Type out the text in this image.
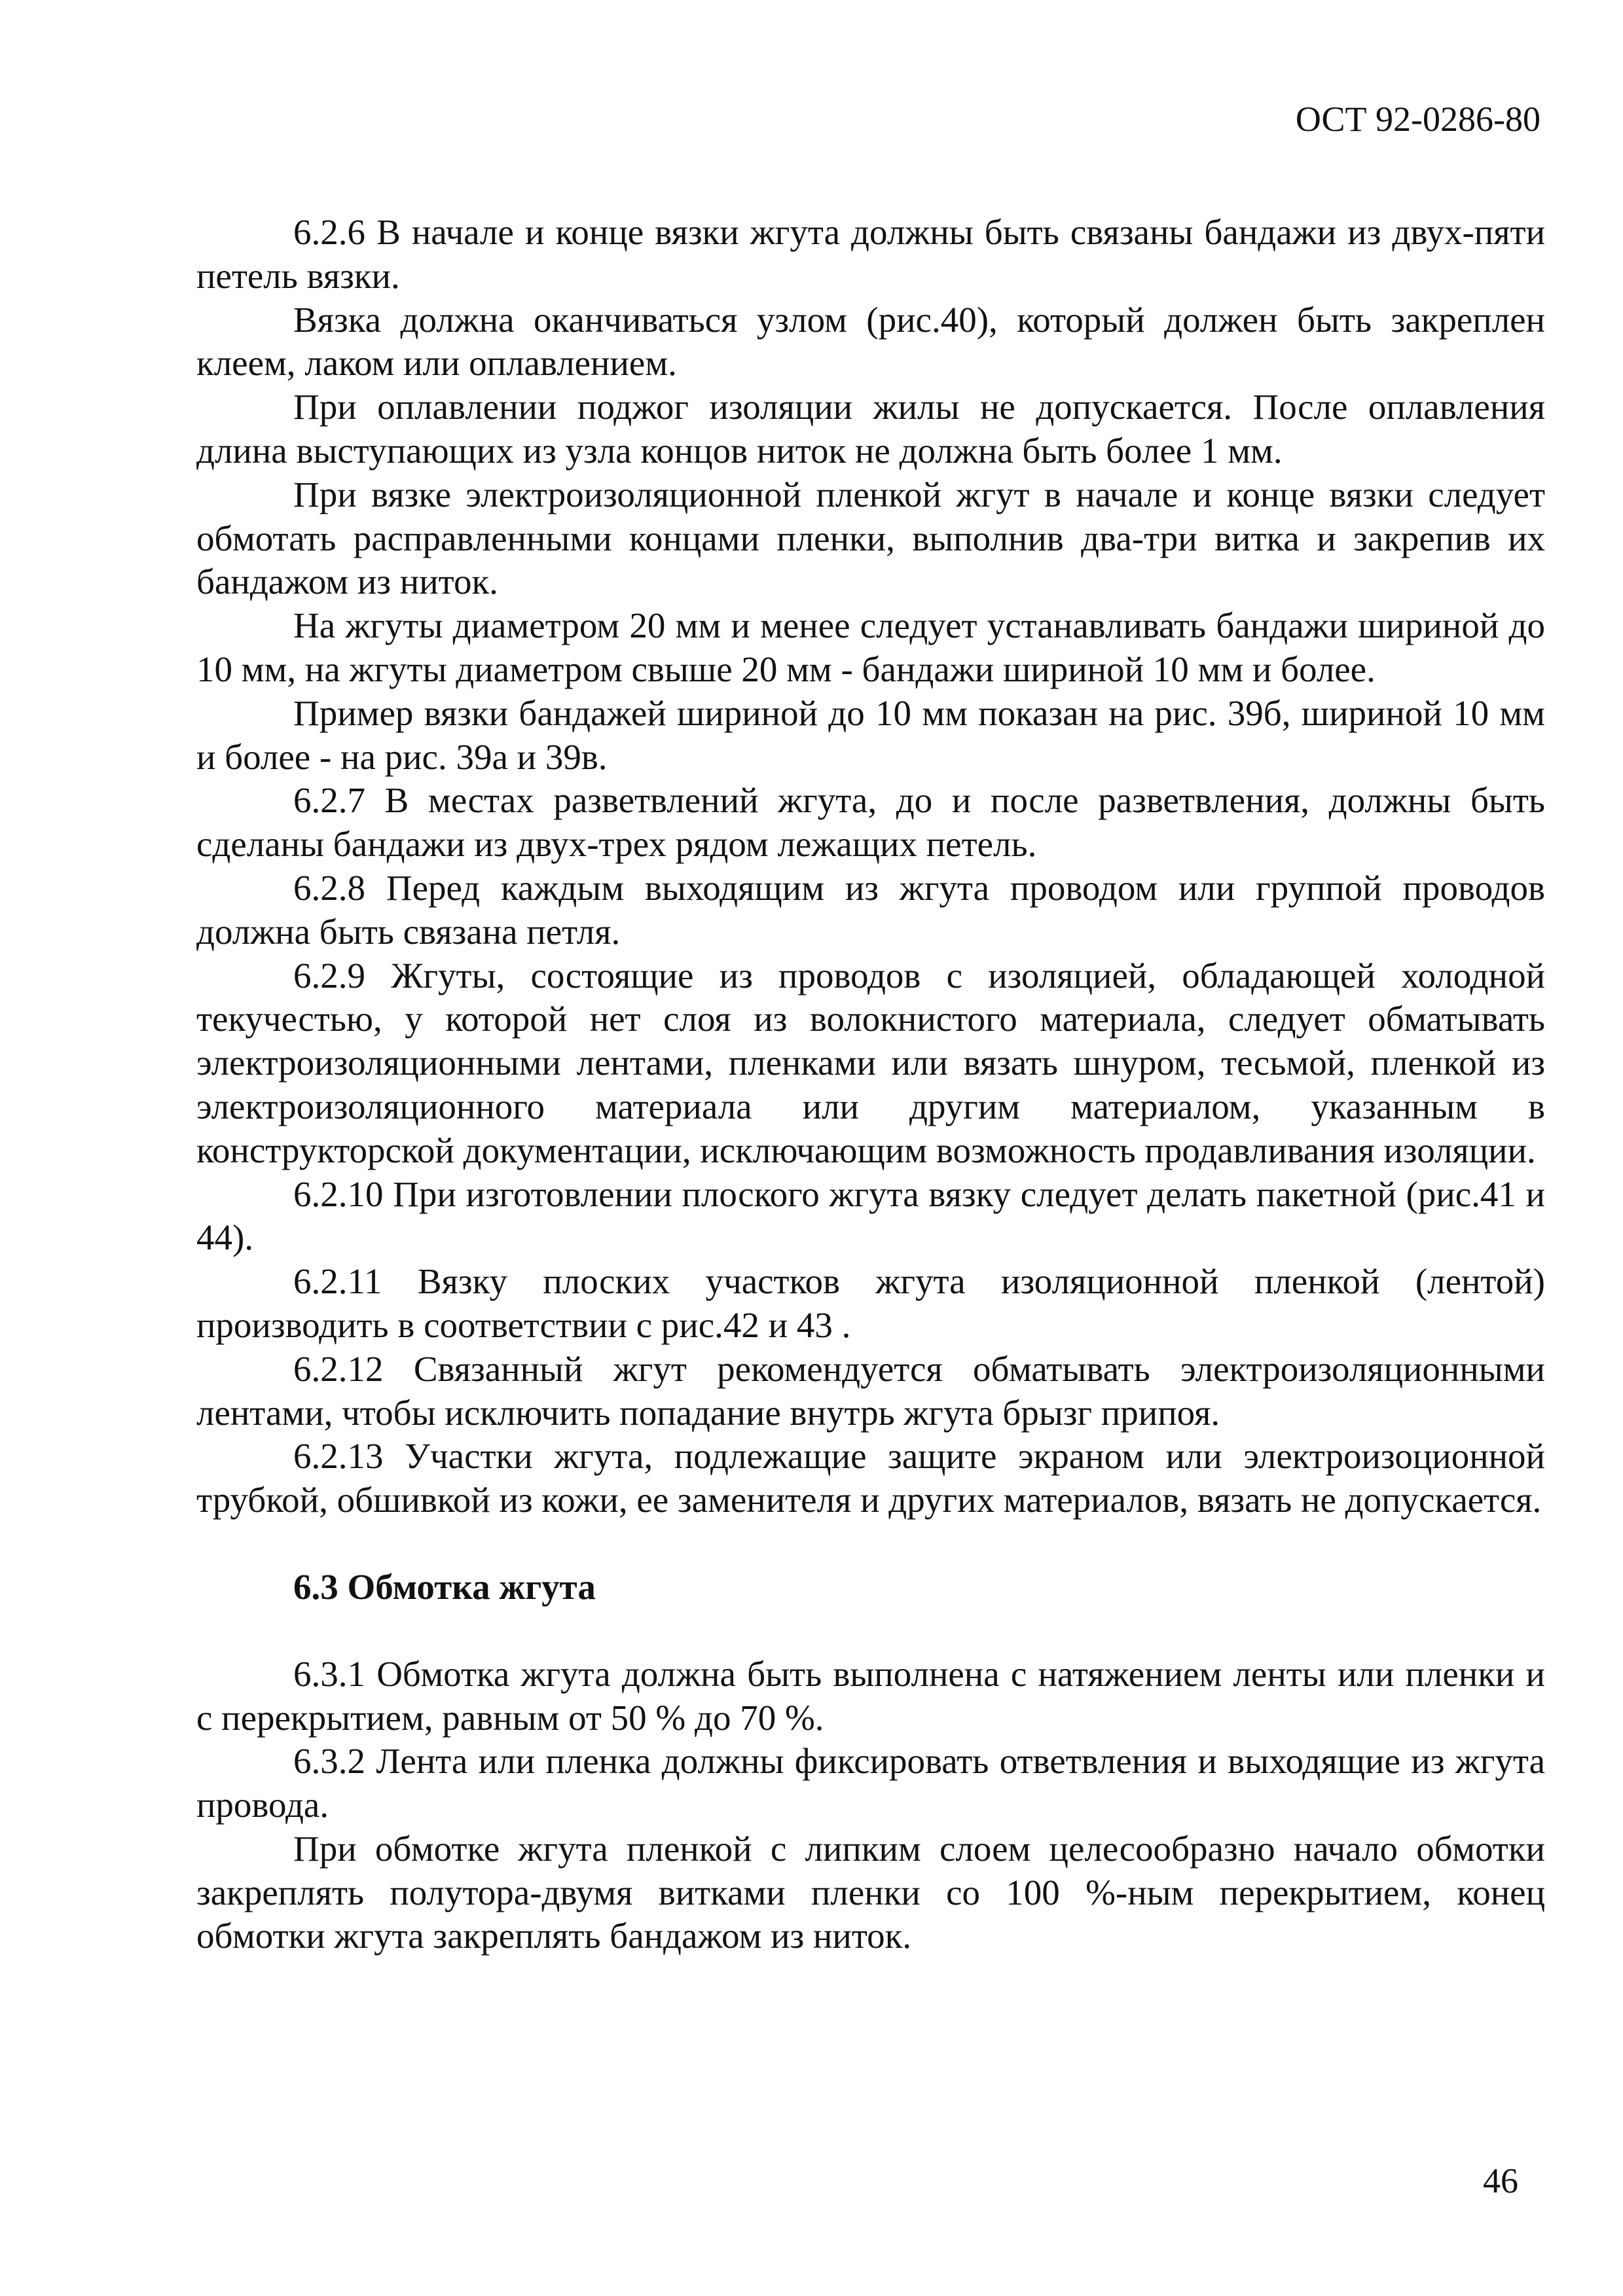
ОСТ 92-0286-80

6.2.6 В начале и конце вязки жгута должны быть связаны бандажи из двух-пяти петель вязки.

Вязка должна оканчиваться узлом (рис.40), который должен быть закреплен клеем, лаком или оплавлением.

При оплавлении поджог изоляции жилы не допускается. После оплавления длина выступающих из узла концов ниток не должна быть более 1 мм.

При вязке электроизоляционной пленкой жгут в начале и конце вязки следует обмотать расправленными концами пленки, выполнив два-три витка и закрепив их бандажом из ниток.

На жгуты диаметром 20 мм и менее следует устанавливать бандажи шириной до 10 мм, на жгуты диаметром свыше 20 мм - бандажи шириной 10 мм и более.

Пример вязки бандажей шириной до 10 мм показан на рис. 39б, шириной 10 мм и более - на рис. 39а и 39в.

6.2.7 В местах разветвлений жгута, до и после разветвления, должны быть сделаны бандажи из двух-трех рядом лежащих петель.

6.2.8 Перед каждым выходящим из жгута проводом или группой проводов должна быть связана петля.

6.2.9 Жгуты, состоящие из проводов с изоляцией, обладающей холодной текучестью, у которой нет слоя из волокнистого материала, следует обматывать электроизоляционными лентами, пленками или вязать шнуром, тесьмой, пленкой из электроизоляционного материала или другим материалом, указанным в конструкторской документации, исключающим возможность продавливания изоляции.

6.2.10 При изготовлении плоского жгута вязку следует делать пакетной (рис.41 и 44).

6.2.11 Вязку плоских участков жгута изоляционной пленкой (лентой) производить в соответствии с рис.42 и 43 .

6.2.12 Связанный жгут рекомендуется обматывать электроизоляционными лентами, чтобы исключить попадание внутрь жгута брызг припоя.

6.2.13 Участки жгута, подлежащие защите экраном или электроизоционной трубкой, обшивкой из кожи, ее заменителя и других материалов, вязать не допускается.

6.3 Обмотка жгута

6.3.1 Обмотка жгута должна быть выполнена с натяжением ленты или пленки и с перекрытием, равным от 50 % до 70 %.

6.3.2 Лента или пленка должны фиксировать ответвления и выходящие из жгута провода.

При обмотке жгута пленкой с липким слоем целесообразно начало обмотки закреплять полутора-двумя витками пленки со 100 %-ным перекрытием, конец обмотки жгута закреплять бандажом из ниток.

46
